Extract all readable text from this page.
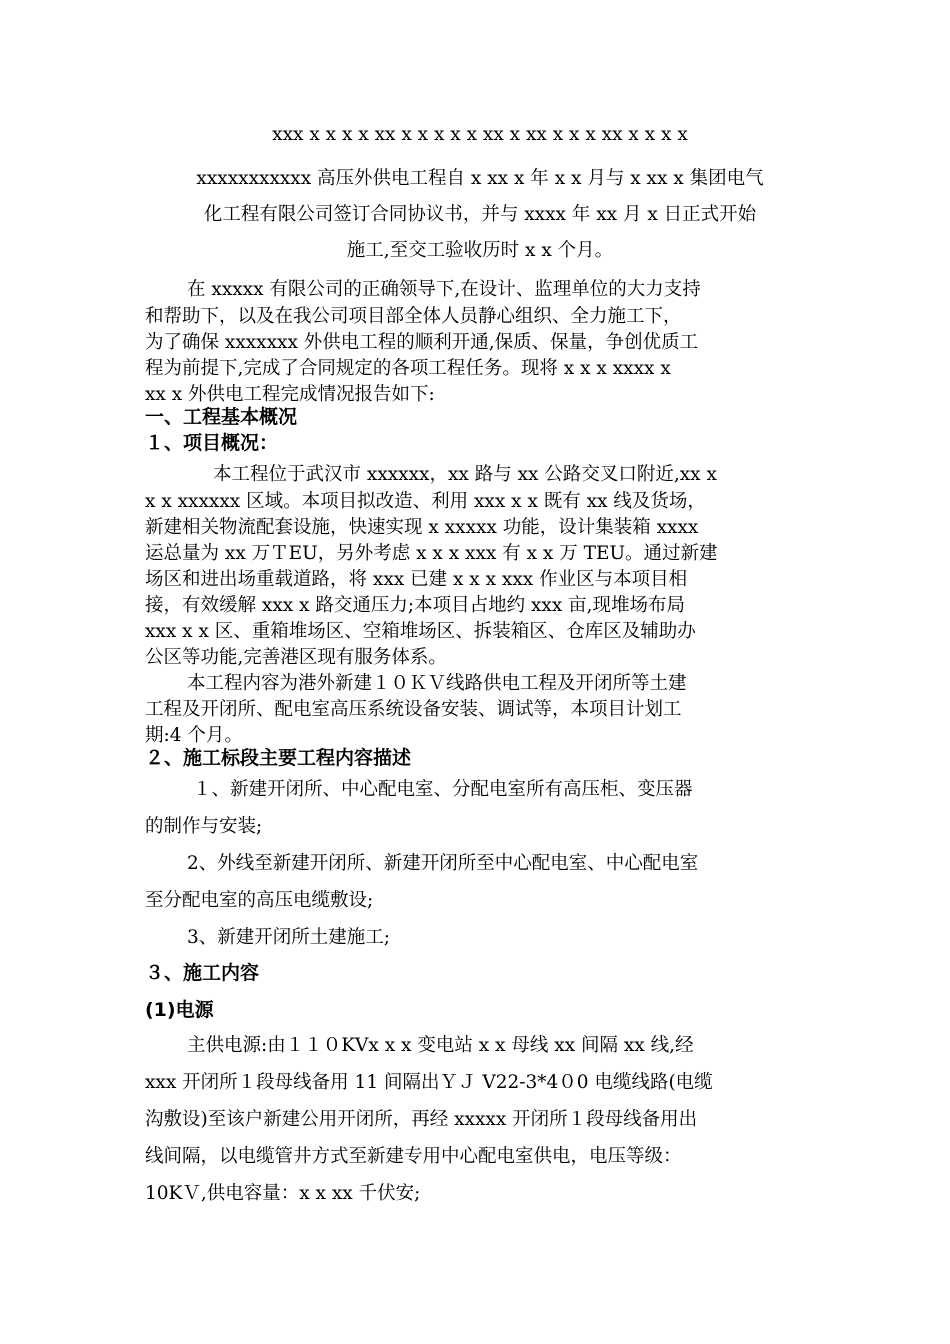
xxx x x x x xx x x x x x xx x xx x x x xx x x x x
xxxxxxxxxxx 高压外供电工程自 x xx x 年 x x 月与 x xx x 集团电气
化工程有限公司签订合同协议书，并与 xxxx 年 xx 月 x 日正式开始
施工,至交工验收历时 x x 个月。
在 xxxxx 有限公司的正确领导下,在设计、监理单位的大力支持
和帮助下，以及在我公司项目部全体人员静心组织、全力施工下，
为了确保 xxxxxxx 外供电工程的顺利开通,保质、保量，争创优质工
程为前提下,完成了合同规定的各项工程任务。现将 x x x xxxx x
xx x 外供电工程完成情况报告如下:
一、工程基本概况
１、项目概况：
本工程位于武汉市 xxxxxx，xx 路与 xx 公路交叉口附近,xx x
x x xxxxxx 区域。本项目拟改造、利用 xxx x x 既有 xx 线及货场，
新建相关物流配套设施，快速实现 x xxxxx 功能，设计集装箱 xxxx
运总量为 xx 万ＴEU，另外考虑 x x x xxx 有 x x 万 TEU。通过新建
场区和进出场重载道路，将 xxx 已建 x x x xxx 作业区与本项目相
接，有效缓解 xxx x 路交通压力;本项目占地约 xxx 亩,现堆场布局
xxx x x 区、重箱堆场区、空箱堆场区、拆装箱区、仓库区及辅助办
公区等功能,完善港区现有服务体系。
本工程内容为港外新建１０ＫＶ线路供电工程及开闭所等土建
工程及开闭所、配电室高压系统设备安装、调试等，本项目计划工
期:4 个月。
２、施工标段主要工程内容描述
１、新建开闭所、中心配电室、分配电室所有高压柜、变压器
的制作与安装;
2、外线至新建开闭所、新建开闭所至中心配电室、中心配电室
至分配电室的高压电缆敷设;
3、新建开闭所土建施工;
３、施工内容
(1)电源
主供电源:由１１０KVx x x 变电站 x x 母线 xx 间隔 xx 线,经
xxx 开闭所１段母线备用 11 间隔出ＹＪ V22-3*4０0 电缆线路(电缆
沟敷设)至该户新建公用开闭所，再经 xxxxx 开闭所１段母线备用出
线间隔，以电缆管井方式至新建专用中心配电室供电，电压等级：
10KＶ,供电容量：x x xx 千伏安;
